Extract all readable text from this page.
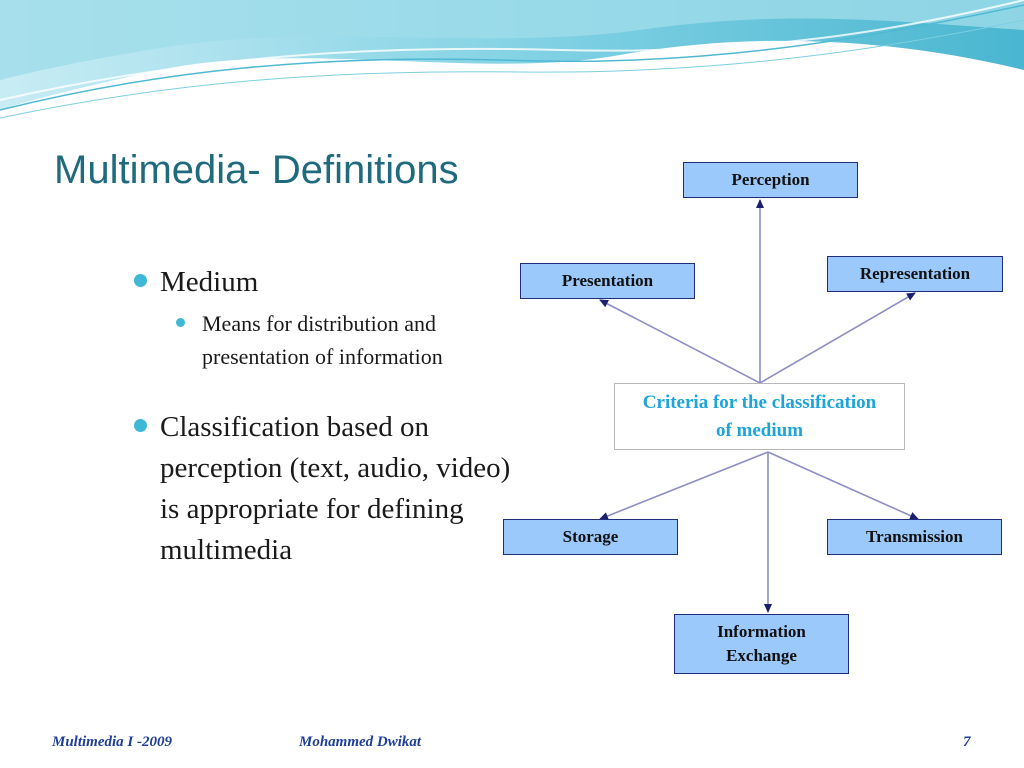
Multimedia- Definitions
Medium
Means for distribution and presentation of information
Classification based on perception (text, audio, video) is appropriate for defining multimedia
Perception
Presentation	Representation
Criteria for the classification of medium
Storage	Transmission
Information Exchange
Multimedia I -2009	Mohammed Dwikat	7
